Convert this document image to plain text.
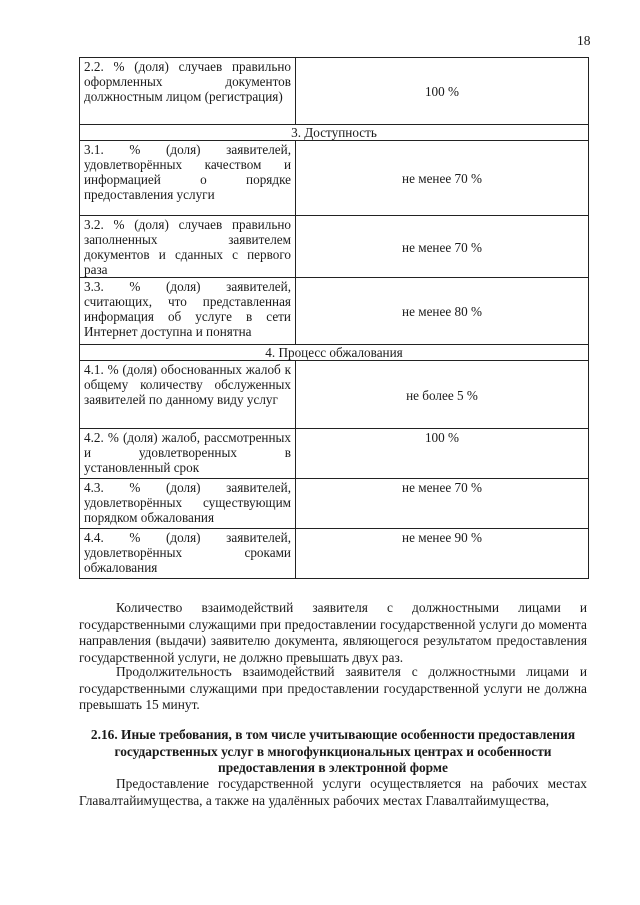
18
2.2. % (доля) случаев правильно оформленных документов должностным лицом (регистрация)	100 %
3. Доступность	
3.1. % (доля) заявителей, удовлетворённых качеством и информацией о порядке предоставления услуги	не менее 70 %
3.2. % (доля) случаев правильно заполненных заявителем документов и сданных с первого раза	не менее 70 %
3.3. % (доля) заявителей, считающих, что представленная информация об услуге в сети Интернет доступна и понятна	не менее 80 %
4. Процесс обжалования	
4.1. % (доля) обоснованных жалоб к общему количеству обслуженных заявителей по данному виду услуг	не более 5 %
4.2. % (доля) жалоб, рассмотренных и удовлетворенных в установленный срок	100 %
4.3. % (доля) заявителей, удовлетворённых существующим порядком обжалования	не менее 70 %
4.4. % (доля) заявителей, удовлетворённых сроками обжалования	не менее 90 %

Количество взаимодействий заявителя с должностными лицами и государственными служащими при предоставлении государственной услуги до момента направления (выдачи) заявителю документа, являющегося результатом предоставления государственной услуги, не должно превышать двух раз.

Продолжительность взаимодействий заявителя с должностными лицами и государственными служащими при предоставлении государственной услуги не должна превышать 15 минут.

2.16. Иные требования, в том числе учитывающие особенности предоставления государственных услуг в многофункциональных центрах и особенности предоставления в электронной форме

Предоставление государственной услуги осуществляется на рабочих местах Главалтайимущества, а также на удалённых рабочих местах Главалтайимущества,
